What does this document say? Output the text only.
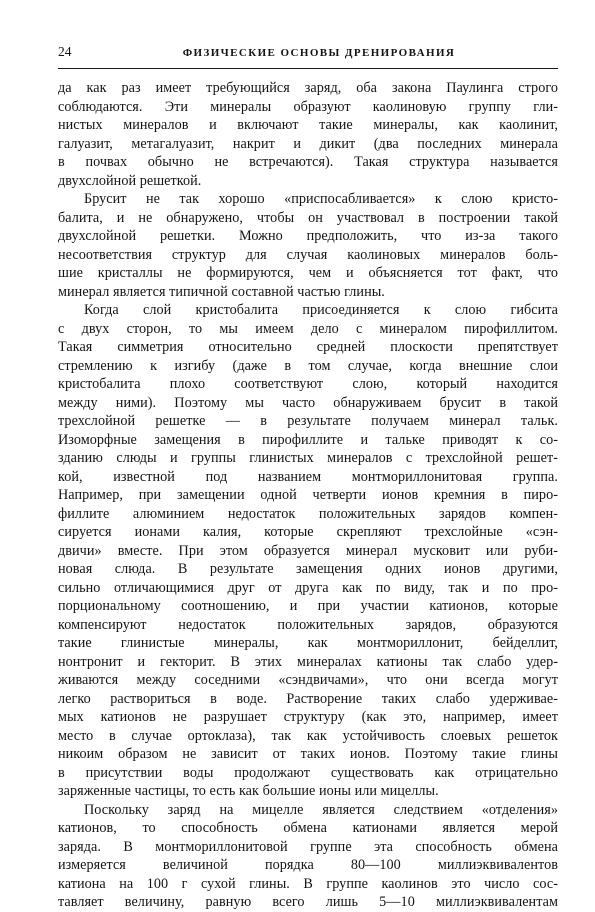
24	ФИЗИЧЕСКИЕ ОСНОВЫ ДРЕНИРОВАНИЯ
да как раз имеет требующийся заряд, оба закона Паулинга строго
соблюдаются. Эти минералы образуют каолиновую группу гли-
нистых минералов и включают такие минералы, как каолинит,
галуазит, метагалуазит, накрит и дикит (два последних минерала
в почвах обычно не встречаются). Такая структура называется
двухслойной решеткой.
Брусит не так хорошо «приспосабливается» к слою кристо-
балита, и не обнаружено, чтобы он участвовал в построении такой
двухслойной решетки. Можно предположить, что из-за такого
несоответствия структур для случая каолиновых минералов боль-
шие кристаллы не формируются, чем и объясняется тот факт, что
минерал является типичной составной частью глины.
Когда слой кристобалита присоединяется к слою гибсита
с двух сторон, то мы имеем дело с минералом пирофиллитом.
Такая симметрия относительно средней плоскости препятствует
стремлению к изгибу (даже в том случае, когда внешние слои
кристобалита плохо соответствуют слою, который находится
между ними). Поэтому мы часто обнаруживаем брусит в такой
трехслойной решетке — в результате получаем минерал тальк.
Изоморфные замещения в пирофиллите и тальке приводят к со-
зданию слюды и группы глинистых минералов с трехслойной решет-
кой, известной под названием монтмориллонитовая группа.
Например, при замещении одной четверти ионов кремния в пиро-
филлите алюминием недостаток положительных зарядов компен-
сируется ионами калия, которые скрепляют трехслойные «сэн-
двичи» вместе. При этом образуется минерал мусковит или руби-
новая слюда. В результате замещения одних ионов другими,
сильно отличающимися друг от друга как по виду, так и по про-
порциональному соотношению, и при участии катионов, которые
компенсируют недостаток положительных зарядов, образуются
такие глинистые минералы, как монтмориллонит, бейделлит,
нонтронит и гекторит. В этих минералах катионы так слабо удер-
живаются между соседними «сэндвичами», что они всегда могут
легко раствориться в воде. Растворение таких слабо удерживае-
мых катионов не разрушает структуру (как это, например, имеет
место в случае ортоклаза), так как устойчивость слоевых решеток
никоим образом не зависит от таких ионов. Поэтому такие глины
в присутствии воды продолжают существовать как отрицательно
заряженные частицы, то есть как большие ионы или мицеллы.
Поскольку заряд на мицелле является следствием «отделения»
катионов, то способность обмена катионами является мерой
заряда. В монтмориллонитовой группе эта способность обмена
измеряется величиной порядка 80—100 миллиэквивалентов
катиона на 100 г сухой глины. В группе каолинов это число сос-
тавляет величину, равную всего лишь 5—10 миллиэквивалентам
